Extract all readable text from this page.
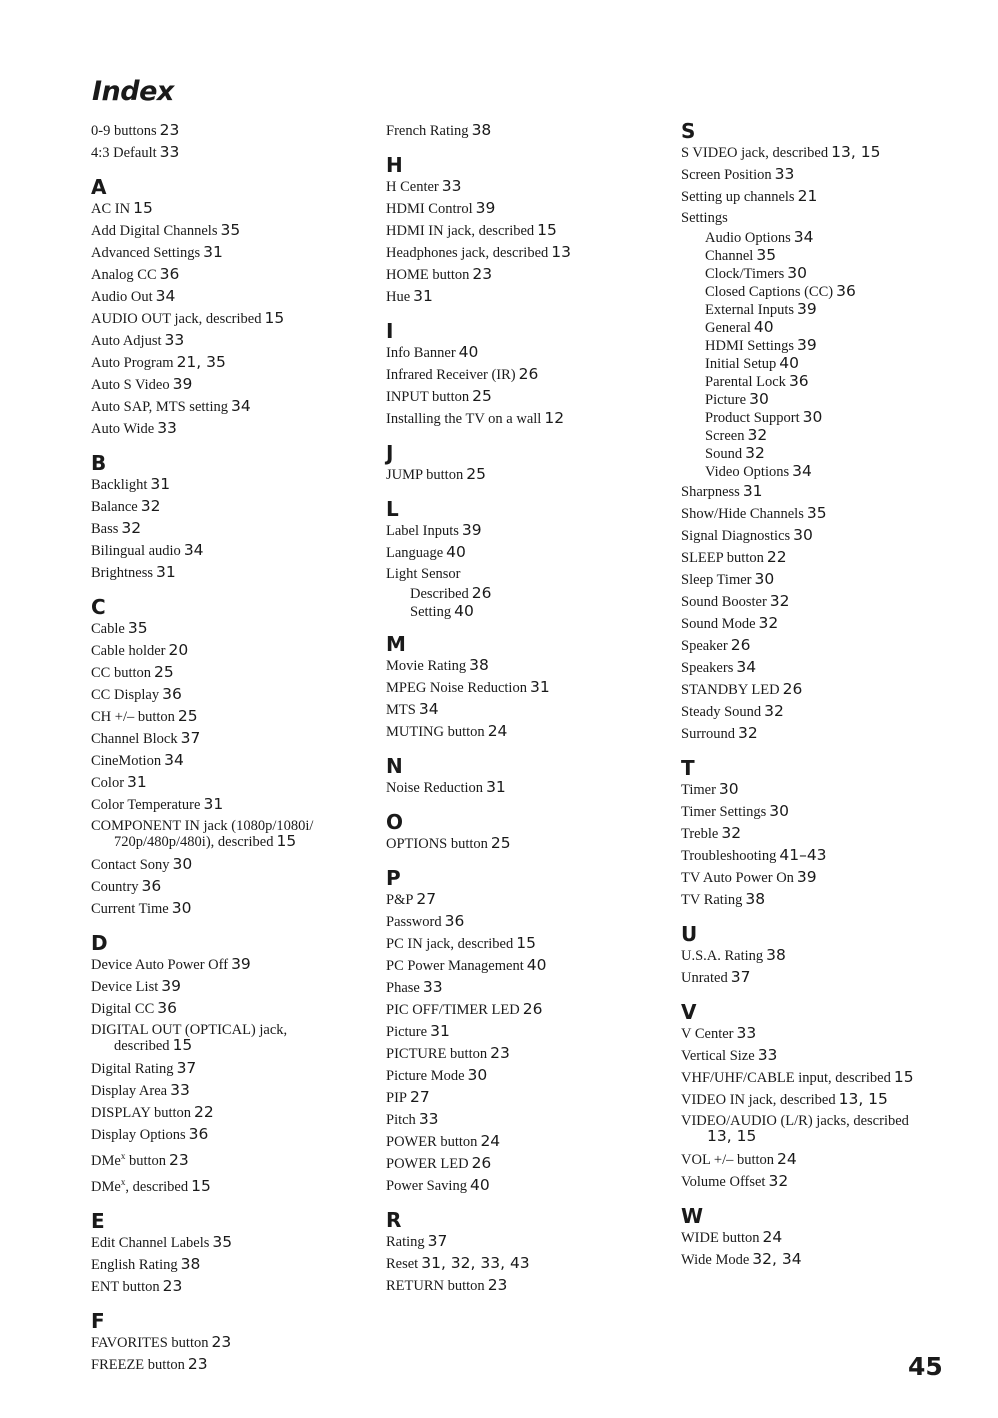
Index
0-9 buttons 23
4:3 Default 33
A
AC IN 15
Add Digital Channels 35
Advanced Settings 31
Analog CC 36
Audio Out 34
AUDIO OUT jack, described 15
Auto Adjust 33
Auto Program 21, 35
Auto S Video 39
Auto SAP, MTS setting 34
Auto Wide 33
B
Backlight 31
Balance 32
Bass 32
Bilingual audio 34
Brightness 31
C
Cable 35
Cable holder 20
CC button 25
CC Display 36
CH +/– button 25
Channel Block 37
CineMotion 34
Color 31
Color Temperature 31
COMPONENT IN jack (1080p/1080i/
720p/480p/480i), described 15
Contact Sony 30
Country 36
Current Time 30
D
Device Auto Power Off 39
Device List 39
Digital CC 36
DIGITAL OUT (OPTICAL) jack,
described 15
Digital Rating 37
Display Area 33
DISPLAY button 22
Display Options 36
DMe$^x$ button 23
DMe$^x$, described 15
E
Edit Channel Labels 35
English Rating 38
ENT button 23
F
FAVORITES button 23
FREEZE button 23
French Rating 38
H
H Center 33
HDMI Control 39
HDMI IN jack, described 15
Headphones jack, described 13
HOME button 23
Hue 31
I
Info Banner 40
Infrared Receiver (IR) 26
INPUT button 25
Installing the TV on a wall 12
J
JUMP button 25
L
Label Inputs 39
Language 40
Light Sensor
Described 26
Setting 40
M
Movie Rating 38
MPEG Noise Reduction 31
MTS 34
MUTING button 24
N
Noise Reduction 31
O
OPTIONS button 25
P
P&P 27
Password 36
PC IN jack, described 15
PC Power Management 40
Phase 33
PIC OFF/TIMER LED 26
Picture 31
PICTURE button 23
Picture Mode 30
PIP 27
Pitch 33
POWER button 24
POWER LED 26
Power Saving 40
R
Rating 37
Reset 31, 32, 33, 43
RETURN button 23
S
S VIDEO jack, described 13, 15
Screen Position 33
Setting up channels 21
Settings
Audio Options 34
Channel 35
Clock/Timers 30
Closed Captions (CC) 36
External Inputs 39
General 40
HDMI Settings 39
Initial Setup 40
Parental Lock 36
Picture 30
Product Support 30
Screen 32
Sound 32
Video Options 34
Sharpness 31
Show/Hide Channels 35
Signal Diagnostics 30
SLEEP button 22
Sleep Timer 30
Sound Booster 32
Sound Mode 32
Speaker 26
Speakers 34
STANDBY LED 26
Steady Sound 32
Surround 32
T
Timer 30
Timer Settings 30
Treble 32
Troubleshooting 41–43
TV Auto Power On 39
TV Rating 38
U
U.S.A. Rating 38
Unrated 37
V
V Center 33
Vertical Size 33
VHF/UHF/CABLE input, described 15
VIDEO IN jack, described 13, 15
VIDEO/AUDIO (L/R) jacks, described
13, 15
VOL +/– button 24
Volume Offset 32
W
WIDE button 24
Wide Mode 32, 34
45
